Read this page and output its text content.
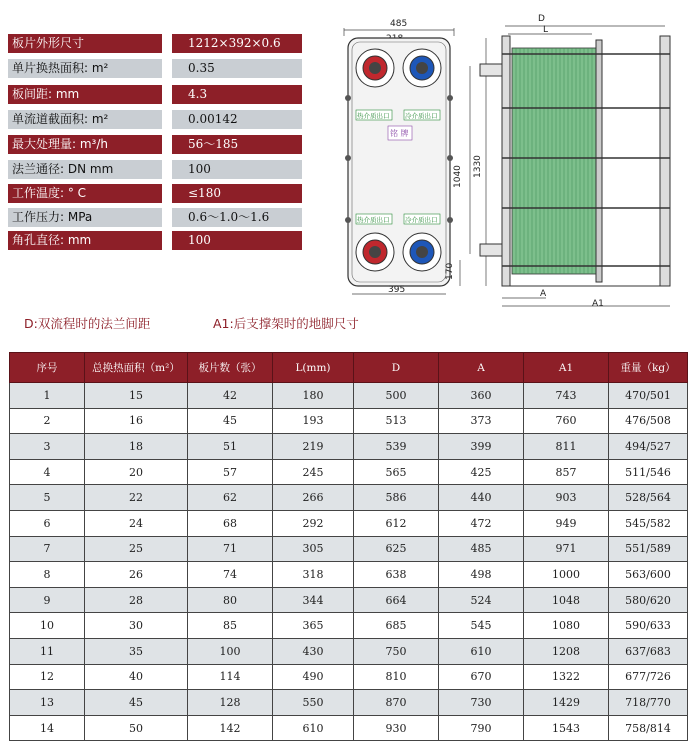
板片外形尺寸	1212×392×0.6
单片换热面积: m²	0.35
板间距: mm	4.3
单流道截面积: m²	0.00142
最大处理量: m³/h	56～185
法兰通径: DN mm	100
工作温度: ° C	≤180
工作压力: MPa	0.6～1.0～1.6
角孔直径: mm	100
485
热介质出口 冷介质出口
铭 牌
热介质出口 冷介质出口
1040
170
1330
395
D
L
A
A1
D:双流程时的法兰间距	A1:后支撑架时的地脚尺寸
序号	总换热面积（m²）	板片数（张）	L(mm)	D	A	A1	重量（kg）
1	15	42	180	500	360	743	470/501
2	16	45	193	513	373	760	476/508
3	18	51	219	539	399	811	494/527
4	20	57	245	565	425	857	511/546
5	22	62	266	586	440	903	528/564
6	24	68	292	612	472	949	545/582
7	25	71	305	625	485	971	551/589
8	26	74	318	638	498	1000	563/600
9	28	80	344	664	524	1048	580/620
10	30	85	365	685	545	1080	590/633
11	35	100	430	750	610	1208	637/683
12	40	114	490	810	670	1322	677/726
13	45	128	550	870	730	1429	718/770
14	50	142	610	930	790	1543	758/814
